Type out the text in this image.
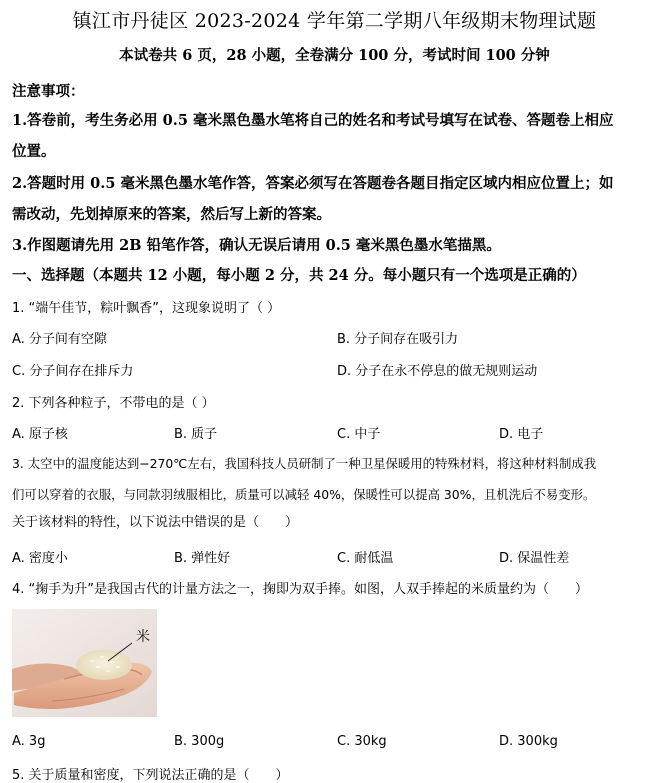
镇江市丹徒区 2023-2024 学年第二学期八年级期末物理试题
本试卷共 6 页，28 小题，全卷满分 100 分，考试时间 100 分钟
注意事项：
1.答卷前，考生务必用 0.5 毫米黑色墨水笔将自己的姓名和考试号填写在试卷、答题卷上相应
位置。
2.答题时用 0.5 毫米黑色墨水笔作答，答案必须写在答题卷各题目指定区域内相应位置上；如
需改动，先划掉原来的答案，然后写上新的答案。
3.作图题请先用 2B 铅笔作答，确认无误后请用 0.5 毫米黑色墨水笔描黑。
一、选择题（本题共 12 小题，每小题 2 分，共 24 分。每小题只有一个选项是正确的）
1. “端午佳节，粽叶飘香”，这现象说明了（ ）
A. 分子间有空隙	B. 分子间存在吸引力
C. 分子间存在排斥力	D. 分子在永不停息的做无规则运动
2. 下列各种粒子，不带电的是（ ）
A. 原子核	B. 质子	C. 中子	D. 电子
3. 太空中的温度能达到−270℃左右，我国科技人员研制了一种卫星保暖用的特殊材料，将这种材料制成我
们可以穿着的衣服，与同款羽绒服相比，质量可以减轻 40%，保暖性可以提高 30%，且机洗后不易变形。
关于该材料的特性，以下说法中错误的是（　　）
A. 密度小	B. 弹性好	C. 耐低温	D. 保温性差
4. “掬手为升”是我国古代的计量方法之一，掬即为双手捧。如图，人双手捧起的米质量约为（　　）
米
A. 3g	B. 300g	C. 30kg	D. 300kg
5. 关于质量和密度，下列说法正确的是（　　）
